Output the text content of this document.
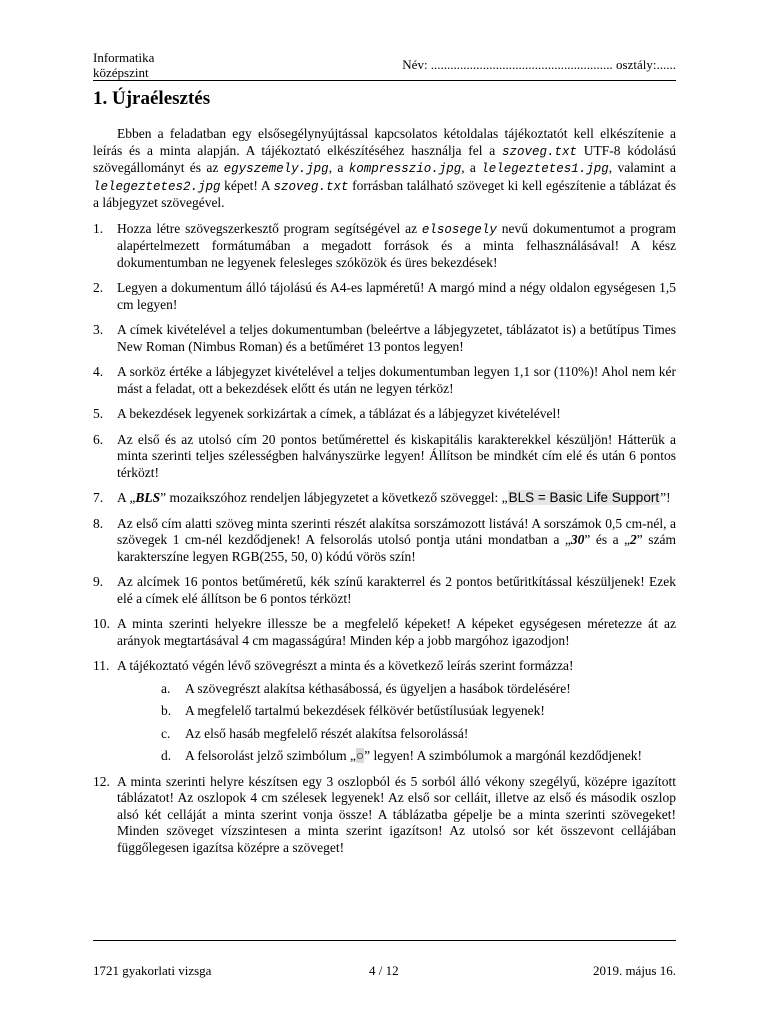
Informatika
középszint
Név: ........................................................ osztály:......
1. Újraélesztés

Ebben a feladatban egy elsősegélynyújtással kapcsolatos kétoldalas tájékoztatót kell elkészítenie a leírás és a minta alapján. A tájékoztató elkészítéséhez használja fel a szoveg.txt UTF-8 kódolású szövegállományt és az egyszemely.jpg, a kompresszio.jpg, a lelegeztetes1.jpg, valamint a lelegeztetes2.jpg képet! A szoveg.txt forrásban található szöveget ki kell egészítenie a táblázat és a lábjegyzet szövegével.

1.	Hozza létre szövegszerkesztő program segítségével az elsosegely nevű dokumentumot a program alapértelmezett formátumában a megadott források és a minta felhasználásával! A kész dokumentumban ne legyenek felesleges szóközök és üres bekezdések!
2.	Legyen a dokumentum álló tájolású és A4-es lapméretű! A margó mind a négy oldalon egységesen 1,5 cm legyen!
3.	A címek kivételével a teljes dokumentumban (beleértve a lábjegyzetet, táblázatot is) a betűtípus Times New Roman (Nimbus Roman) és a betűméret 13 pontos legyen!
4.	A sorköz értéke a lábjegyzet kivételével a teljes dokumentumban legyen 1,1 sor (110%)! Ahol nem kér mást a feladat, ott a bekezdések előtt és után ne legyen térköz!
5.	A bekezdések legyenek sorkizártak a címek, a táblázat és a lábjegyzet kivételével!
6.	Az első és az utolsó cím 20 pontos betűmérettel és kiskapitális karakterekkel készüljön! Hátterük a minta szerinti teljes szélességben halványszürke legyen! Állítson be mindkét cím elé és után 6 pontos térközt!
7.	A „BLS” mozaikszóhoz rendeljen lábjegyzetet a következő szöveggel: „BLS = Basic Life Support”!
8.	Az első cím alatti szöveg minta szerinti részét alakítsa sorszámozott listává! A sorszámok 0,5 cm-nél, a szövegek 1 cm-nél kezdődjenek! A felsorolás utolsó pontja utáni mondatban a „30” és a „2” szám karakterszíne legyen RGB(255, 50, 0) kódú vörös szín!
9.	Az alcímek 16 pontos betűméretű, kék színű karakterrel és 2 pontos betűritkítással készüljenek! Ezek elé a címek elé állítson be 6 pontos térközt!
10. A minta szerinti helyekre illessze be a megfelelő képeket! A képeket egységesen méretezze át az arányok megtartásával 4 cm magasságúra! Minden kép a jobb margóhoz igazodjon!
11. A tájékoztató végén lévő szövegrészt a minta és a következő leírás szerint formázza!
a.	A szövegrészt alakítsa kéthasábossá, és ügyeljen a hasábok tördelésére!
b.	A megfelelő tartalmú bekezdések félkövér betűstílusúak legyenek!
c.	Az első hasáb megfelelő részét alakítsa felsorolássá!
d.	A felsorolást jelző szimbólum „○” legyen! A szimbólumok a margónál kezdődjenek!
12. A minta szerinti helyre készítsen egy 3 oszlopból és 5 sorból álló vékony szegélyű, középre igazított táblázatot! Az oszlopok 4 cm szélesek legyenek! Az első sor celláit, illetve az első és második oszlop alsó két celláját a minta szerint vonja össze! A táblázatba gépelje be a minta szerinti szövegeket! Minden szöveget vízszintesen a minta szerint igazítson! Az utolsó sor két összevont cellájában függőlegesen igazítsa középre a szöveget!
1721 gyakorlati vizsga	4 / 12	2019. május 16.
